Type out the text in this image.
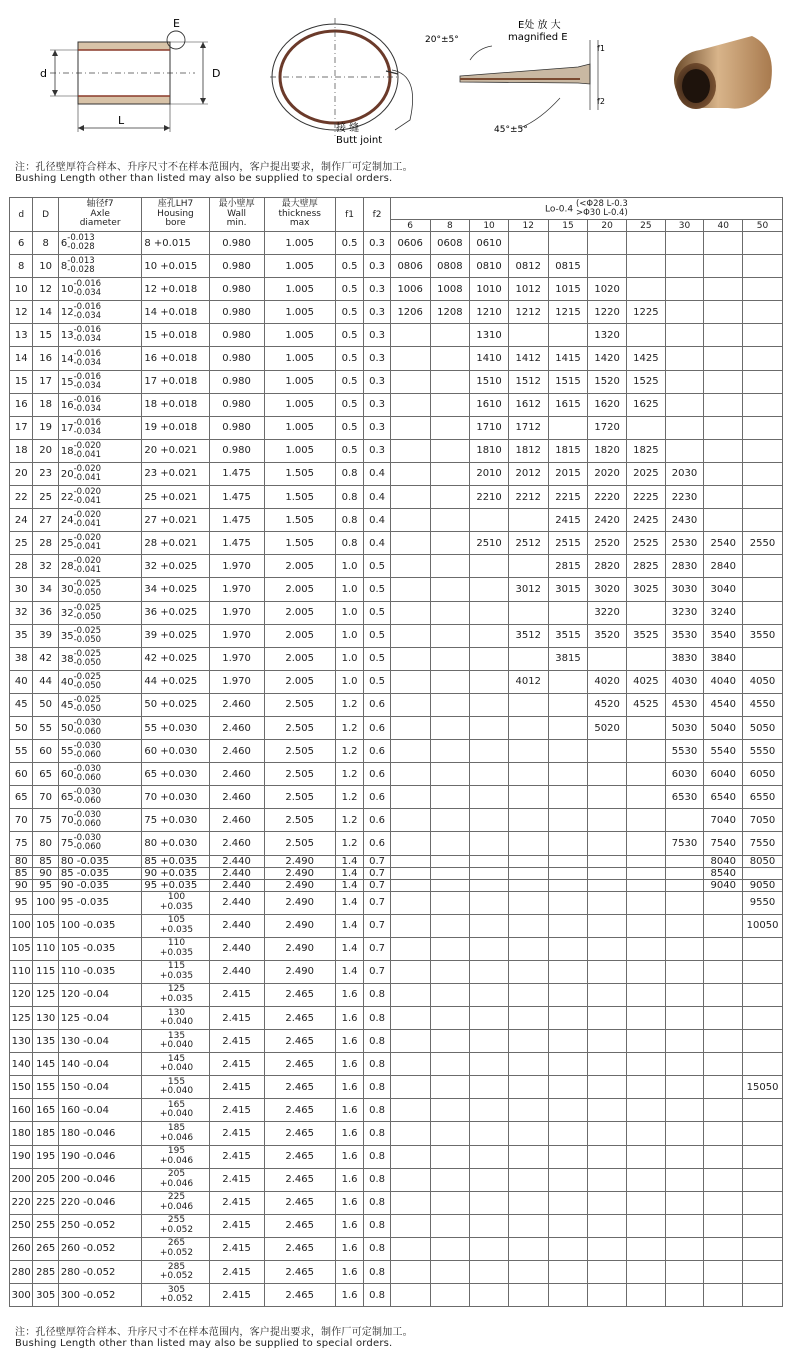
d	D
L
E
接 缝
Butt joint
E处 放 大
magnified E
20°±5°
45°±5°
f1
f2
注：孔径壁厚符合样本、升序尺寸不在样本范围内，客户提出要求，制作厂可定制加工。
Bushing Length other than listed may also be supplied to special orders.
d	D	轴径f7
Axle
diameter	座孔LH7
Housing
bore	最小壁厚
Wall
min.	最大壁厚
thickness
max	f1	f2	Lo-0.4
(<Φ28 L-0.3
>Φ30 L-0.4)									

								6	8	10	12	15	20	25	30	40	50
6	8	6 -0.013
-0.028	8 +0.015	0.980	1.005	0.5	0.3	0606	0608	0610							
8	10	8 -0.013
-0.028	10 +0.015	0.980	1.005	0.5	0.3	0806	0808	0810	0812	0815					
10	12	10 -0.016
-0.034	12 +0.018	0.980	1.005	0.5	0.3	1006	1008	1010	1012	1015	1020				
12	14	12 -0.016
-0.034	14 +0.018	0.980	1.005	0.5	0.3	1206	1208	1210	1212	1215	1220	1225			
13	15	13 -0.016
-0.034	15 +0.018	0.980	1.005	0.5	0.3			1310			1320				
14	16	14 -0.016
-0.034	16 +0.018	0.980	1.005	0.5	0.3			1410	1412	1415	1420	1425			
15	17	15 -0.016
-0.034	17 +0.018	0.980	1.005	0.5	0.3			1510	1512	1515	1520	1525			
16	18	16 -0.016
-0.034	18 +0.018	0.980	1.005	0.5	0.3			1610	1612	1615	1620	1625			
17	19	17 -0.016
-0.034	19 +0.018	0.980	1.005	0.5	0.3			1710	1712		1720				
18	20	18 -0.020
-0.041	20 +0.021	0.980	1.005	0.5	0.3			1810	1812	1815	1820	1825			
20	23	20 -0.020
-0.041	23 +0.021	1.475	1.505	0.8	0.4			2010	2012	2015	2020	2025	2030		
22	25	22 -0.020
-0.041	25 +0.021	1.475	1.505	0.8	0.4			2210	2212	2215	2220	2225	2230		
24	27	24 -0.020
-0.041	27 +0.021	1.475	1.505	0.8	0.4					2415	2420	2425	2430		
25	28	25 -0.020
-0.041	28 +0.021	1.475	1.505	0.8	0.4			2510	2512	2515	2520	2525	2530	2540	2550
28	32	28 -0.020
-0.041	32 +0.025	1.970	2.005	1.0	0.5					2815	2820	2825	2830	2840	
30	34	30 -0.025
-0.050	34 +0.025	1.970	2.005	1.0	0.5				3012	3015	3020	3025	3030	3040	
32	36	32 -0.025
-0.050	36 +0.025	1.970	2.005	1.0	0.5						3220		3230	3240	
35	39	35 -0.025
-0.050	39 +0.025	1.970	2.005	1.0	0.5				3512	3515	3520	3525	3530	3540	3550
38	42	38 -0.025
-0.050	42 +0.025	1.970	2.005	1.0	0.5					3815			3830	3840	
40	44	40 -0.025
-0.050	44 +0.025	1.970	2.005	1.0	0.5				4012		4020	4025	4030	4040	4050
45	50	45 -0.025
-0.050	50 +0.025	2.460	2.505	1.2	0.6						4520	4525	4530	4540	4550
50	55	50 -0.030
-0.060	55 +0.030	2.460	2.505	1.2	0.6						5020		5030	5040	5050
55	60	55 -0.030
-0.060	60 +0.030	2.460	2.505	1.2	0.6								5530	5540	5550
60	65	60 -0.030
-0.060	65 +0.030	2.460	2.505	1.2	0.6								6030	6040	6050
65	70	65 -0.030
-0.060	70 +0.030	2.460	2.505	1.2	0.6								6530	6540	6550
70	75	70 -0.030
-0.060	75 +0.030	2.460	2.505	1.2	0.6									7040	7050
75	80	75 -0.030
-0.060	80 +0.030	2.460	2.505	1.2	0.6								7530	7540	7550
80	85	80 -0.035	85 +0.035	2.440	2.490	1.4	0.7									8040	8050
85	90	85 -0.035	90 +0.035	2.440	2.490	1.4	0.7									8540	
90	95	90 -0.035	95 +0.035	2.440	2.490	1.4	0.7									9040	9050
95	100	95 -0.035	100
+0.035	2.440	2.490	1.4	0.7										9550
100	105	100 -0.035	105
+0.035	2.440	2.490	1.4	0.7										10050
105	110	105 -0.035	110
+0.035	2.440	2.490	1.4	0.7										
110	115	110 -0.035	115
+0.035	2.440	2.490	1.4	0.7										
120	125	120 -0.04	125
+0.035	2.415	2.465	1.6	0.8										
125	130	125 -0.04	130
+0.040	2.415	2.465	1.6	0.8										
130	135	130 -0.04	135
+0.040	2.415	2.465	1.6	0.8										
140	145	140 -0.04	145
+0.040	2.415	2.465	1.6	0.8										
150	155	150 -0.04	155
+0.040	2.415	2.465	1.6	0.8										15050
160	165	160 -0.04	165
+0.040	2.415	2.465	1.6	0.8										
180	185	180 -0.046	185
+0.046	2.415	2.465	1.6	0.8										
190	195	190 -0.046	195
+0.046	2.415	2.465	1.6	0.8										
200	205	200 -0.046	205
+0.046	2.415	2.465	1.6	0.8										
220	225	220 -0.046	225
+0.046	2.415	2.465	1.6	0.8										
250	255	250 -0.052	255
+0.052	2.415	2.465	1.6	0.8										
260	265	260 -0.052	265
+0.052	2.415	2.465	1.6	0.8										
280	285	280 -0.052	285
+0.052	2.415	2.465	1.6	0.8										
300	305	300 -0.052	305
+0.052	2.415	2.465	1.6	0.8										
注：孔径壁厚符合样本、升序尺寸不在样本范围内，客户提出要求，制作厂可定制加工。
Bushing Length other than listed may also be supplied to special orders.
